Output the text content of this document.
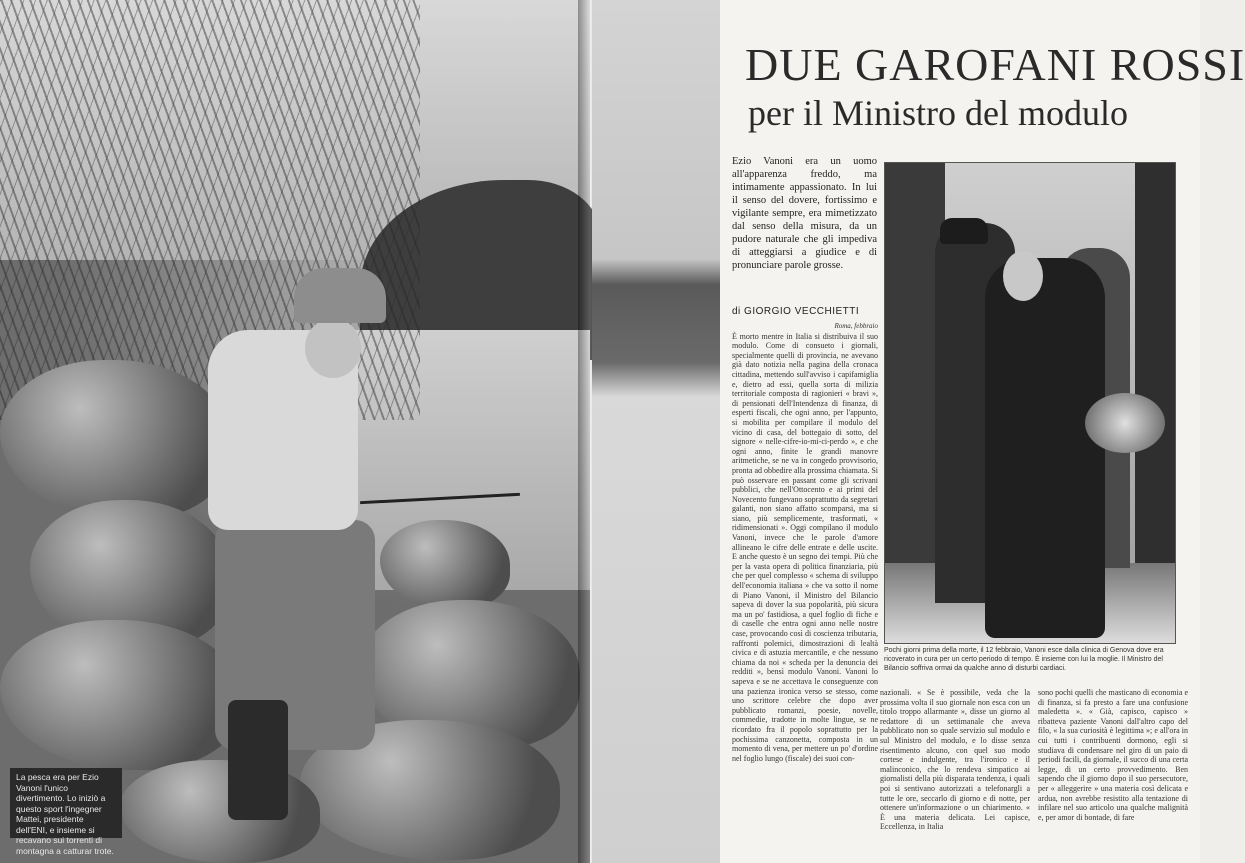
La pesca era per Ezio Vanoni l'unico divertimento. Lo iniziò a questo sport l'ingegner Mattei, presidente dell'ENI, e insieme si recavano sui torrenti di montagna a catturar trote.
DUE GAROFANI ROSSI
per il Ministro del modulo
Ezio Vanoni era un uomo all'apparenza freddo, ma intimamente appassionato. In lui il senso del dovere, fortissimo e vigilante sempre, era mimetizzato dal senso della misura, da un pudore naturale che gli impediva di atteggiarsi a giudice e di pronunciare parole grosse.
di GIORGIO VECCHIETTI
Roma, febbraio
È morto mentre in Italia si distribuiva il suo modulo. Come di consueto i giornali, specialmente quelli di provincia, ne avevano già dato notizia nella pagina della cronaca cittadina, mettendo sull'avviso i capifamiglia e, dietro ad essi, quella sorta di milizia territoriale composta di ragionieri « bravi », di pensionati dell'Intendenza di finanza, di esperti fiscali, che ogni anno, per l'appunto, si mobilita per compilare il modulo del vicino di casa, del bottegaio di sotto, del signore « nelle-cifre-io-mi-ci-perdo », e che ogni anno, finite le grandi manovre aritmetiche, se ne va in congedo provvisorio, pronta ad obbedire alla prossima chiamata. Si può osservare en passant come gli scrivani pubblici, che nell'Ottocento e ai primi del Novecento fungevano soprattutto da segretari galanti, non siano affatto scomparsi, ma si siano, più semplicemente, trasformati, « ridimensionati ». Oggi compilano il modulo Vanoni, invece che le parole d'amore allineano le cifre delle entrate e delle uscite. E anche questo è un segno dei tempi. Più che per la vasta opera di politica finanziaria, più che per quel complesso « schema di sviluppo dell'economia italiana » che va sotto il nome di Piano Vanoni, il Ministro del Bilancio sapeva di dover la sua popolarità, più sicura ma un po' fastidiosa, a quel foglio di fiche e di caselle che entra ogni anno nelle nostre case, provocando così di coscienza tributaria, raffronti polemici, dimostrazioni di lealtà civica e di astuzia mercantile, e che nessuno chiama da noi « scheda per la denuncia dei redditi », bensì modulo Vanoni. Vanoni lo sapeva e se ne accettava le conseguenze con una pazienza ironica verso se stesso, come uno scrittore celebre che dopo aver pubblicato romanzi, poesie, novelle, commedie, tradotte in molte lingue, se ne ricordato fra il popolo soprattutto per la pochissima canzonetta, composta in un momento di vena, per mettere un po' d'ordine nel foglio lungo (fiscale) dei suoi con-
Pochi giorni prima della morte, il 12 febbraio, Vanoni esce dalla clinica di Genova dove era ricoverato in cura per un certo periodo di tempo. È insieme con lui la moglie. Il Ministro del Bilancio soffriva ormai da qualche anno di disturbi cardiaci.
nazionali. « Se è possibile, veda che la prossima volta il suo giornale non esca con un titolo troppo allarmante », disse un giorno al redattore di un settimanale che aveva pubblicato non so quale servizio sul modulo e sul Ministro del modulo, e lo disse senza risentimento alcuno, con quel suo modo cortese e indulgente, tra l'ironico e il malinconico, che lo rendeva simpatico ai giornalisti della più disparata tendenza, i quali poi si sentivano autorizzati a telefonargli a tutte le ore, seccarlo di giorno e di notte, per ottenere un'informazione o un chiarimento. « È una materia delicata. Lei capisce, Eccellenza, in Italia
sono pochi quelli che masticano di economia e di finanza, si fa presto a fare una confusione maledetta ». « Già, capisco, capisco » ribatteva paziente Vanoni dall'altro capo del filo, « la sua curiosità è legittima »; e all'ora in cui tutti i contribuenti dormono, egli si studiava di condensare nel giro di un paio di periodi facili, da giornale, il succo di una certa legge, di un certo provvedimento. Ben sapendo che il giorno dopo il suo persecutore, per « alleggerire » una materia così delicata e ardua, non avrebbe resistito alla tentazione di infilare nel suo articolo una qualche malignità e, per amor di bontade, di fare
